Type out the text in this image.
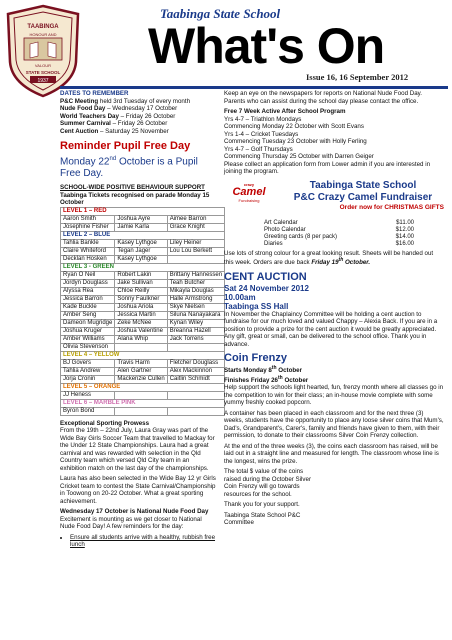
TAABINGA
HONOUR AND
VALOUR
STATE SCHOOL
1937
Taabinga State School
What's On
Issue 16, 16 September 2012
DATES TO REMEMBER
P&C Meeting held 3rd Tuesday of every month
Nude Food Day – Wednesday 17 October
World Teachers Day – Friday 26 October
Summer Carnival – Friday 26 October
Cent Auction – Saturday 25 November
Reminder Pupil Free Day
Monday 22nd October is a Pupil Free Day.
SCHOOL-WIDE POSITIVE BEHAVIOUR SUPPORT
Taabinga Tickets recognised on parade Monday 15 October
LEVEL 1 – RED		
Aaron Smith	Joshua Ayre	Aimee Barron
Josephine Fisher	Jamie Karla	Grace Knight
LEVEL 2 – BLUE		
Tahlia Bankle	Kasey Lythgoe	Liley Heiner
Claire Whiteford	Tegan Jager	Lou Lou Berkett
Decklan Hosken	Kasey Lythgoe	
LEVEL 3 - GREEN		
Ryan O Neil	Robert Lakin	Brittany Hannessen
Jordyn Douglass	Jake Sullivan	Teah Butcher
Alyssa Rea	Chloe Reilly	Mikayla Douglas
Jessica Barron	Sonny Faulkner	Halle Armstrong
Kade Buckle	Joshua Ariola	Skye Nielsen
Amber Seng	Jessica Martin	Siluna Nanayakara
Dameon Mugridge	Zeke McNee	Kynan Wiley
Joshua Kruger	Joshua Valentine	Breanna Hazell
Amber Williams	Alana Whip	Jack Torrens
Olivia Stevenson		
LEVEL 4 – YELLOW		
BJ Govers	Travis Harm	Fletcher Douglass
Tahlia Andrew	Alen Gartner	Alex Mackinnon
Jorja Cronin	Mackenzie Cullen	Caitlin Schmidt
LEVEL 5 – ORANGE		
JJ Heness		
LEVEL 6 – MARBLE PINK		
Byron Bond		
Exceptional Sporting Prowess

From the 19th – 22nd July, Laura Gray was part of the Wide Bay Girls Soccer Team that travelled to Mackay for the Under 12 State Championships. Laura had a great carnival and was rewarded with selection in the Qld Country team which versed Qld City team in an exhibition match on the last day of the championships.

Laura has also been selected in the Wide Bay 12 yr Girls Cricket team to contest the State Carnival/Championship in Toowong on 20-22 October. What a great sporting achievement.

Wednesday 17 October is National Nude Food Day

Excitement is mounting as we get closer to National Nude Food Day! A few reminders for the day:

• Ensure all students arrive with a healthy, rubbish free lunch

Keep an eye on the newspapers for reports on National Nude Food Day. Parents who can assist during the school day please contact the office.

Free 7 Week Active After School Program
Yrs 4-7 – Triathlon Mondays
Commencing Monday 22 October with Scott Evans
Yrs 1-4 – Cricket Tuesdays
Commencing Tuesday 23 October with Holly Ferling
Yrs 4-7 – Golf Thursdays
Commencing Thursday 25 October with Darren Geiger
Please collect an application form from Lower admin if you are interested in joining the program.
crazy
Camel
Fundraising
Taabinga State School
P&C Crazy Camel Fundraiser
Order now for CHRISTMAS GIFTS
Art Calendar	$11.00
Photo Calendar	$12.00
Greeting cards (8 per pack)	$14.00
Diaries	$16.00

Use lots of strong colour for a great looking result. Sheets will be handed out this week. Orders are due back Friday 19th October.

CENT AUCTION
Sat 24 November 2012
10.00am
Taabinga SS Hall

In November the Chaplaincy Committee will be holding a cent auction to fundraise for our much loved and valued Chappy – Alexia Back. If you are in a position to provide a prize for the cent auction it would be greatly appreciated. Any gift, great or small, can be delivered to the school office. Thank you in advance.

Coin Frenzy
Starts Monday 8th October
Finishes Friday 26th October

Help support the schools light hearted, fun, frenzy month where all classes go in the competition to win for their class; an in-house movie complete with some yummy freshly cooked popcorn.

A container has been placed in each classroom and for the next three (3) weeks, students have the opportunity to place any loose silver coins that Mum's, Dad's, Grandparent's, Carer's, family and friends have given to them, with their permission, to donate to their classrooms Silver Coin Frenzy collection.

At the end of the three weeks (3), the coins each classroom has raised, will be laid out in a straight line and measured for length. The classroom whose line is the longest, wins the prize.

The total $ value of the coins raised during the October Silver Coin Frenzy will go towards resources for the school.

Thank you for your support.

Taabinga State School P&C Committee
